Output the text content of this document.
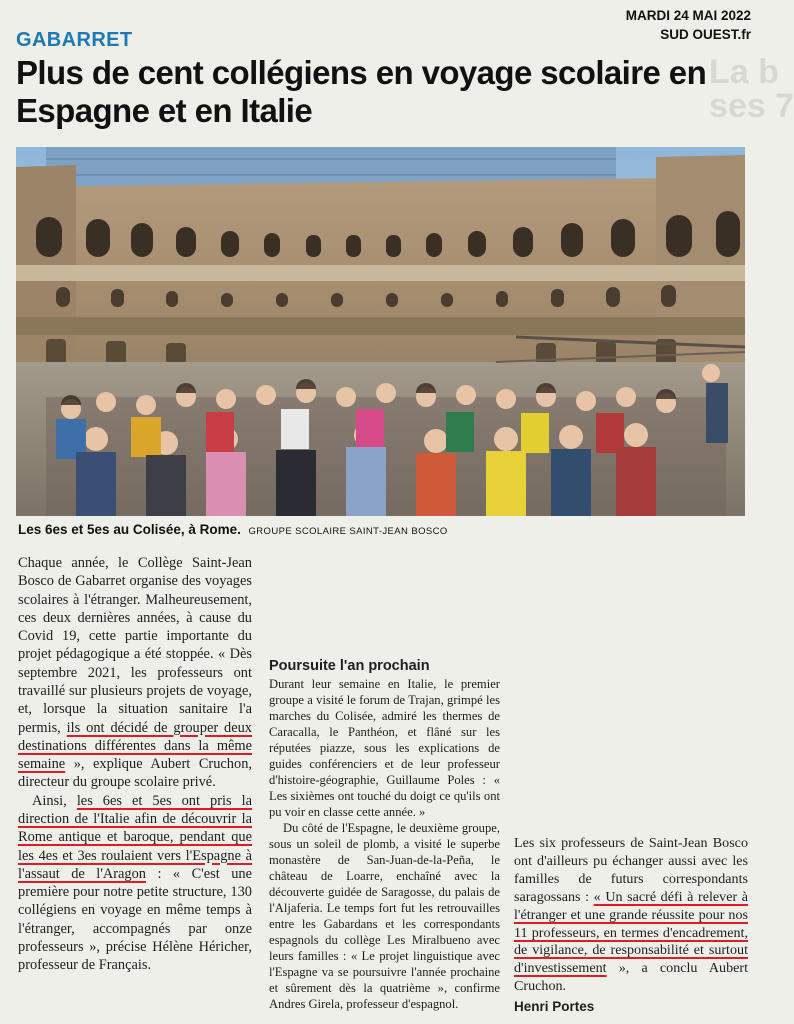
La b
ses 7
MARDI 24 MAI 2022
SUD OUEST.fr
GABARRET
Plus de cent collégiens en voyage scolaire en Espagne et en Italie
Les 6es et 5es au Colisée, à Rome. GROUPE SCOLAIRE SAINT-JEAN BOSCO

Chaque année, le Collège Saint-Jean Bosco de Gabarret organise des voyages scolaires à l'étranger. Malheureusement, ces deux dernières années, à cause du Covid 19, cette partie importante du projet pédagogique a été stoppée. « Dès septembre 2021, les professeurs ont travaillé sur plusieurs projets de voyage, et, lorsque la situation sanitaire l'a permis, ils ont décidé de grouper deux destinations différentes dans la même semaine », explique Aubert Cruchon, directeur du groupe scolaire privé.

Ainsi, les 6es et 5es ont pris la direction de l'Italie afin de découvrir la Rome antique et baroque, pendant que les 4es et 3es roulaient vers l'Espagne à l'assaut de l'Aragon : « C'est une première pour notre petite structure, 130 collégiens en voyage en même temps à l'étranger, accompagnés par onze professeurs », précise Hélène Héricher, professeur de Français.

Poursuite l'an prochain

Durant leur semaine en Italie, le premier groupe a visité le forum de Trajan, grimpé les marches du Colisée, admiré les thermes de Caracalla, le Panthéon, et flâné sur les réputées piazze, sous les explications de guides conférenciers et de leur professeur d'histoire-géographie, Guillaume Poles : « Les sixièmes ont touché du doigt ce qu'ils ont pu voir en classe cette année. »

Du côté de l'Espagne, le deuxième groupe, sous un soleil de plomb, a visité le superbe monastère de San-Juan-de-la-Peña, le château de Loarre, enchaîné avec la découverte guidée de Saragosse, du palais de l'Aljaferia. Le temps fort fut les retrouvailles entre les Gabardans et les correspondants espagnols du collège Les Miralbueno avec leurs familles : « Le projet linguistique avec l'Espagne va se poursuivre l'année prochaine et sûrement dès la quatrième », confirme Andres Girela, professeur d'espagnol.

Les six professeurs de Saint-Jean Bosco ont d'ailleurs pu échanger aussi avec les familles de futurs correspondants saragossans : « Un sacré défi à relever à l'étranger et une grande réussite pour nos 11 professeurs, en termes d'encadrement, de vigilance, de responsabilité et surtout d'investissement », a conclu Aubert Cruchon.

Henri Portes
